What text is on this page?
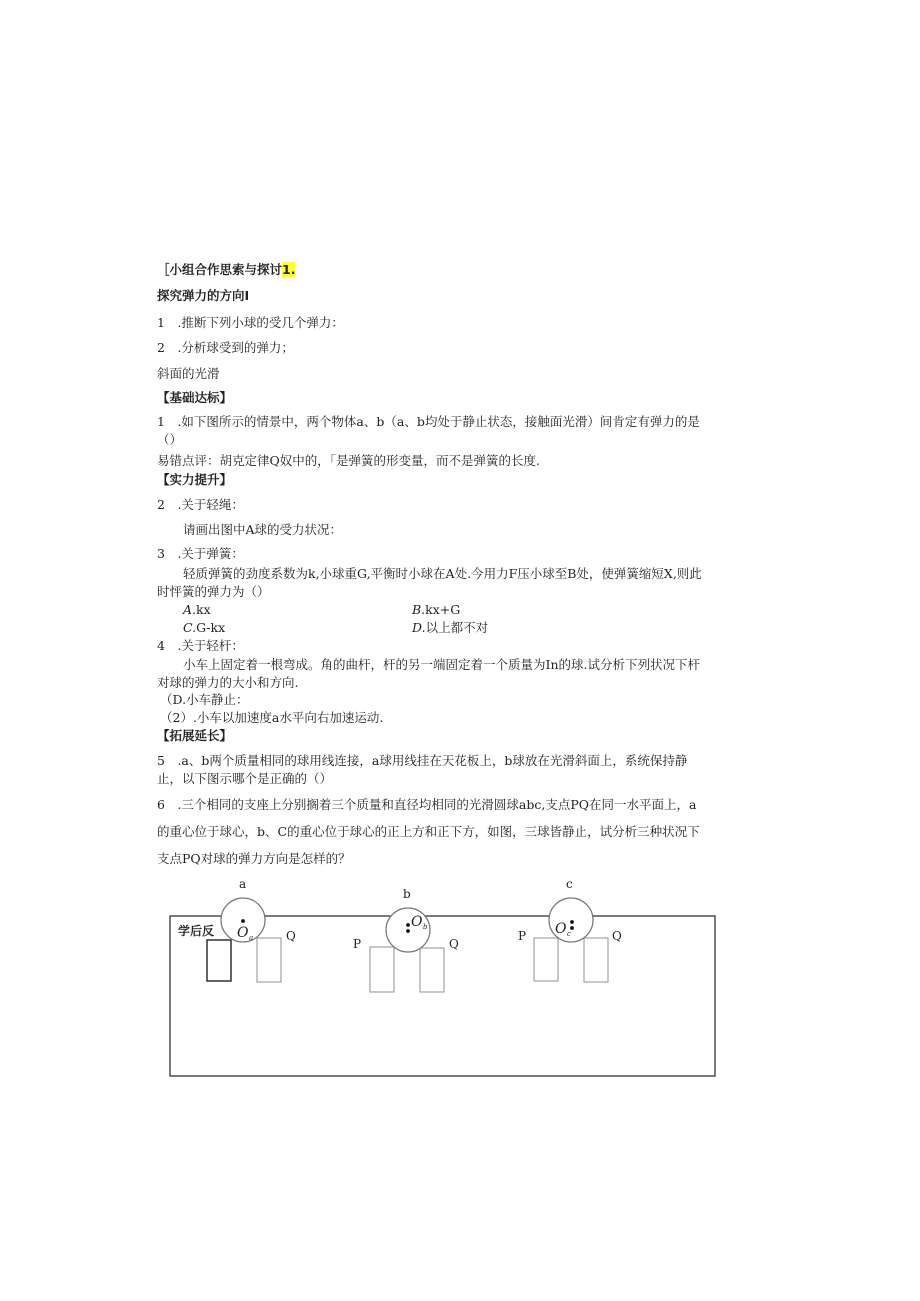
［小组合作思索与探讨1.
探究弹力的方向Ⅰ
1　.推断下列小球的受几个弹力：
2　.分析球受到的弹力；
斜面的光滑
【基础达标】
1　.如下图所示的情景中，两个物体a、b（a、b均处于静止状态，接触面光滑）间肯定有弹力的是
（）
易错点评：胡克定律Q奴中的，「是弹簧的形变量，而不是弹簧的长度.
【实力提升】
2　.关于轻绳：
请画出图中A球的受力状况：
3　.关于弹簧：
轻质弹簧的劲度系数为k,小球重G,平衡时小球在A处.今用力F压小球至B处，使弹簧缩短X,则此
时怦簧的弹力为（）
A.kx	B.kx+G
C.G-kx	D.以上都不对
4　.关于轻杆：
小车上固定着一根弯成。角的曲杆，杆的另一端固定着一个质量为In的球.试分析下列状况下杆
对球的弹力的大小和方向.
（D.小车静止：
（2）.小车以加速度a水平向右加速运动.
【拓展延长】
5　.a、b两个质量相同的球用线连接，a球用线挂在天花板上，b球放在光滑斜面上，系统保持静
止，以下图示哪个是正确的（）
6　.三个相同的支座上分别搁着三个质量和直径均相同的光滑圆球abc,支点PQ在同一水平面上，a
的重心位于球心，b、C的重心位于球心的正上方和正下方，如图，三球皆静止，试分析三种状况下
支点PQ对球的弹力方向是怎样的？
学后反
a
O a	Q
b
O b
P	Q
c
O c
P	Q
